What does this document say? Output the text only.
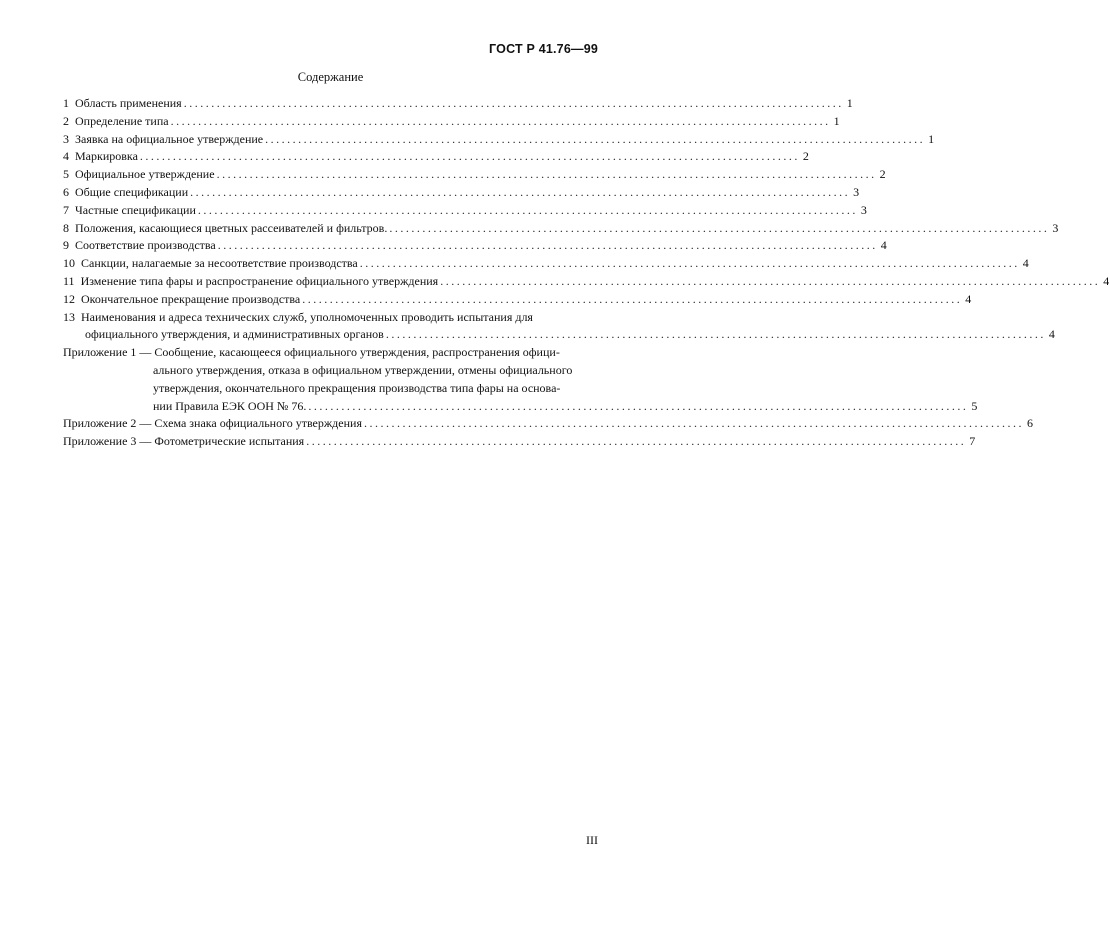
ГОСТ Р 41.76—99
Содержание
1 Область применения ........................................................................................................................ 1
2 Определение типа ........................................................................................................................ 1
3 Заявка на официальное утверждение ........................................................................................................................ 1
4 Маркировка ........................................................................................................................ 2
5 Официальное утверждение ........................................................................................................................ 2
6 Общие спецификации ........................................................................................................................ 3
7 Частные спецификации ........................................................................................................................ 3
8 Положения, касающиеся цветных рассеивателей и фильтров. ........................................................................................................................ 3
9 Соответствие производства ........................................................................................................................ 4
10 Санкции, налагаемые за несоответствие производства ........................................................................................................................ 4
11 Изменение типа фары и распространение официального утверждения ........................................................................................................................ 4
12 Окончательное прекращение производства ........................................................................................................................ 4
13 Наименования и адреса технических служб, уполномоченных проводить испытания для
официального утверждения, и административных органов ........................................................................................................................ 4
Приложение 1 — Сообщение, касающееся официального утверждения, распространения офици-
ального утверждения, отказа в официальном утверждении, отмены официального
утверждения, окончательного прекращения производства типа фары на основа-
нии Правила ЕЭК ООН № 76. ........................................................................................................................ 5
Приложение 2 — Схема знака официального утверждения ........................................................................................................................ 6
Приложение 3 — Фотометрические испытания ........................................................................................................................ 7
III
